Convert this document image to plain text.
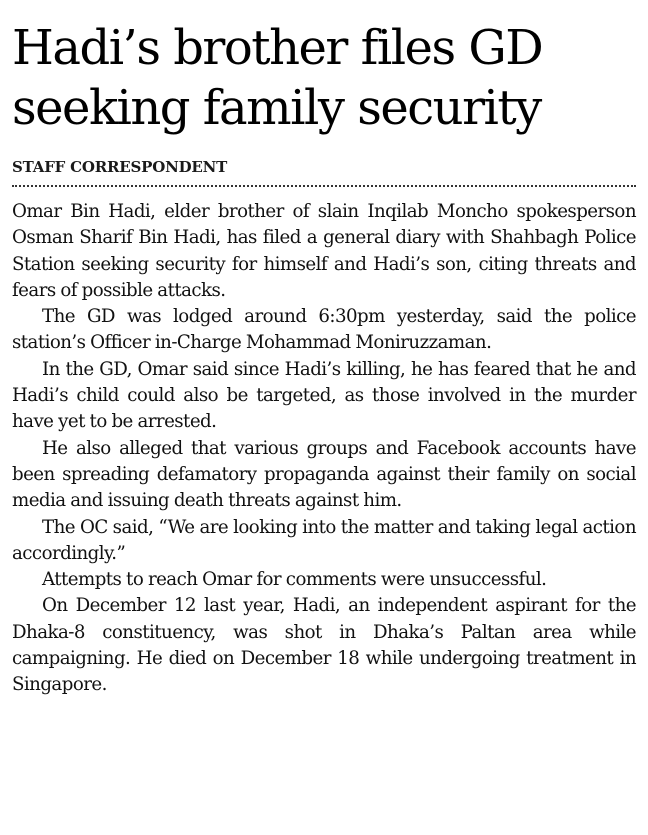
Hadi’s brother files GD seeking family security
STAFF CORRESPONDENT

Omar Bin Hadi, elder brother of slain Inqilab Moncho spokesperson Osman Sharif Bin Hadi, has filed a general diary with Shahbagh Police Station seeking security for himself and Hadi’s son, citing threats and fears of possible attacks.

The GD was lodged around 6:30pm yesterday, said the police station’s Officer in-Charge Mohammad Moniruzzaman.

In the GD, Omar said since Hadi’s killing, he has feared that he and Hadi’s child could also be targeted, as those involved in the murder have yet to be arrested.

He also alleged that various groups and Facebook accounts have been spreading defamatory propaganda against their family on social media and issuing death threats against him.

The OC said, “We are looking into the matter and taking legal action accordingly.”

Attempts to reach Omar for comments were unsuccessful.

On December 12 last year, Hadi, an independent aspirant for the Dhaka-8 constituency, was shot in Dhaka’s Paltan area while campaigning. He died on December 18 while undergoing treatment in Singapore.
